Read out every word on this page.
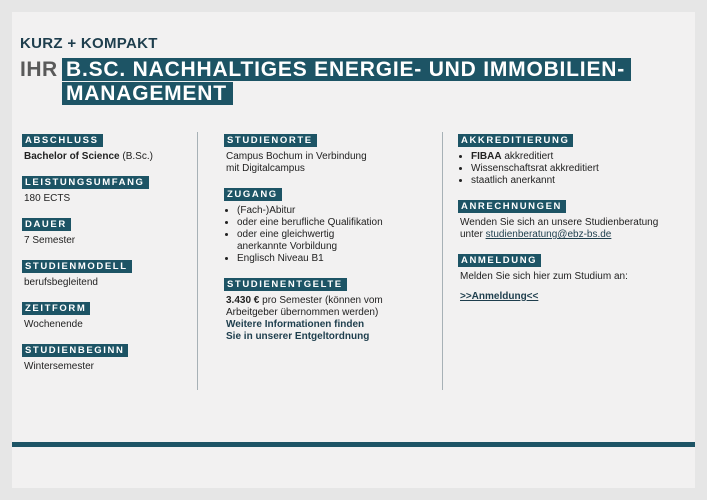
KURZ + KOMPAKT
IHR B.SC. NACHHALTIGES ENERGIE- UND IMMOBILIEN-
MANAGEMENT
ABSCHLUSS
Bachelor of Science (B.Sc.)
LEISTUNGSUMFANG
180 ECTS
DAUER
7 Semester
STUDIENMODELL
berufsbegleitend
ZEITFORM
Wochenende
STUDIENBEGINN
Wintersemester
STUDIENORTE
Campus Bochum in Verbindung
mit Digitalcampus
ZUGANG
• (Fach-)Abitur
• oder eine berufliche Qualifikation
• oder eine gleichwertig
anerkannte Vorbildung
• Englisch Niveau B1
STUDIENENTGELTE
3.430 € pro Semester (können vom
Arbeitgeber übernommen werden)
Weitere Informationen finden
Sie in unserer Entgeltordnung
AKKREDITIERUNG
• FIBAA akkreditiert
• Wissenschaftsrat akkreditiert
• staatlich anerkannt
ANRECHNUNGEN
Wenden Sie sich an unsere Studienberatung
unter studienberatung@ebz-bs.de
ANMELDUNG
Melden Sie sich hier zum Studium an:
>>Anmeldung<<
